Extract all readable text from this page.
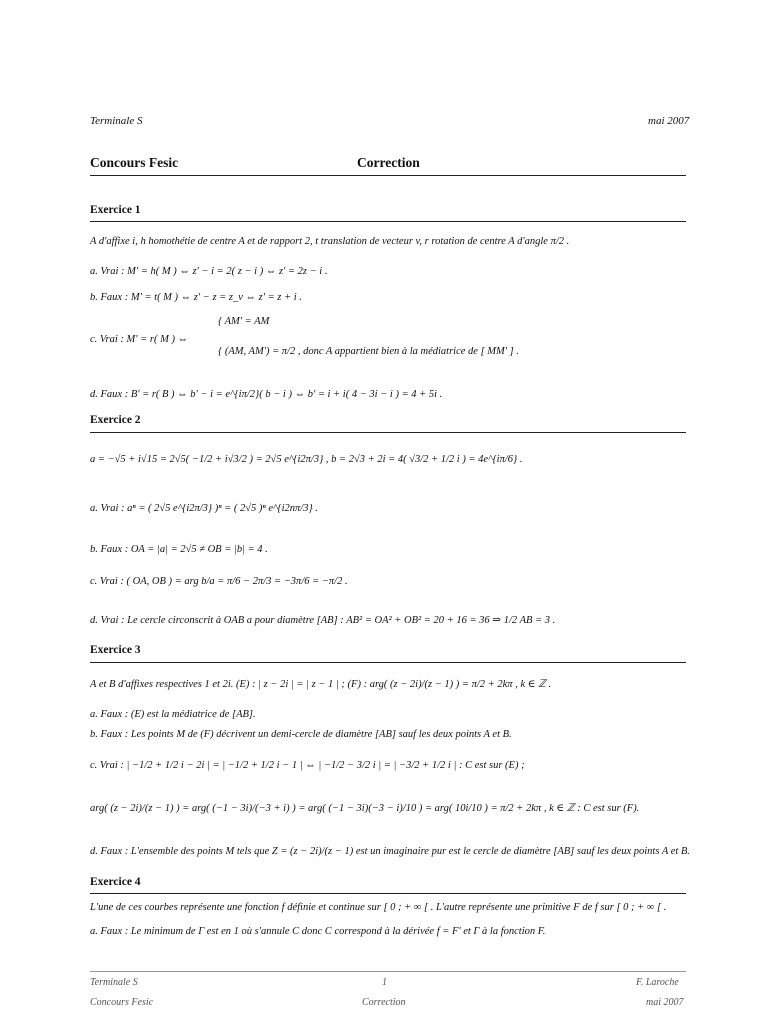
Terminale S	mai 2007
Concours Fesic	Correction
Exercice 1
A d'affixe i, h homothétie de centre A et de rapport 2, t translation de vecteur v, r rotation de centre A d'angle π/2 .
a. Vrai : M' = h( M ) ⇔ z' − i = 2( z − i ) ⇔ z' = 2z − i .
b. Faux : M' = t( M ) ⇔ z' − z = z_v ⇔ z' = z + i .
{ AM' = AM
c. Vrai : M' = r( M ) ⇔
{ (AM, AM') = π/2 , donc A appartient bien à la médiatrice de [ MM' ] .
d. Faux : B' = r( B ) ⇔ b' − i = e^{iπ/2}( b − i ) ⇔ b' = i + i( 4 − 3i − i ) = 4 + 5i .
Exercice 2
a = −√5 + i√15 = 2√5( −1/2 + i√3/2 ) = 2√5 e^{i2π/3} , b = 2√3 + 2i = 4( √3/2 + 1/2 i ) = 4e^{iπ/6} .
a. Vrai : aⁿ = ( 2√5 e^{i2π/3} )ⁿ = ( 2√5 )ⁿ e^{i2nπ/3} .
b. Faux : OA = |a| = 2√5 ≠ OB = |b| = 4 .
c. Vrai : ( OA, OB ) = arg b/a = π/6 − 2π/3 = −3π/6 = −π/2 .
d. Vrai : Le cercle circonscrit à OAB a pour diamètre [AB] : AB² = OA² + OB² = 20 + 16 = 36 ⇒ 1/2 AB = 3 .
Exercice 3
A et B d'affixes respectives 1 et 2i. (E) : | z − 2i | = | z − 1 | ; (F) : arg( (z − 2i)/(z − 1) ) = π/2 + 2kπ , k ∈ ℤ .
a. Faux : (E) est la médiatrice de [AB].
b. Faux : Les points M de (F) décrivent un demi-cercle de diamètre [AB] sauf les deux points A et B.
c. Vrai : | −1/2 + 1/2 i − 2i | = | −1/2 + 1/2 i − 1 | ⇔ | −1/2 − 3/2 i | = | −3/2 + 1/2 i | : C est sur (E) ;
arg( (z − 2i)/(z − 1) ) = arg( (−1 − 3i)/(−3 + i) ) = arg( (−1 − 3i)(−3 − i)/10 ) = arg( 10i/10 ) = π/2 + 2kπ , k ∈ ℤ : C est sur (F).
d. Faux : L'ensemble des points M tels que Z = (z − 2i)/(z − 1) est un imaginaire pur est le cercle de diamètre [AB] sauf les deux points A et B.
Exercice 4
L'une de ces courbes représente une fonction f définie et continue sur [ 0 ; + ∞ [ . L'autre représente une primitive F de f sur [ 0 ; + ∞ [ .
a. Faux : Le minimum de Γ est en 1 où s'annule C donc C correspond à la dérivée f = F' et Γ à la fonction F.
Terminale S	1	F. Laroche
Concours Fesic	Correction	mai 2007
